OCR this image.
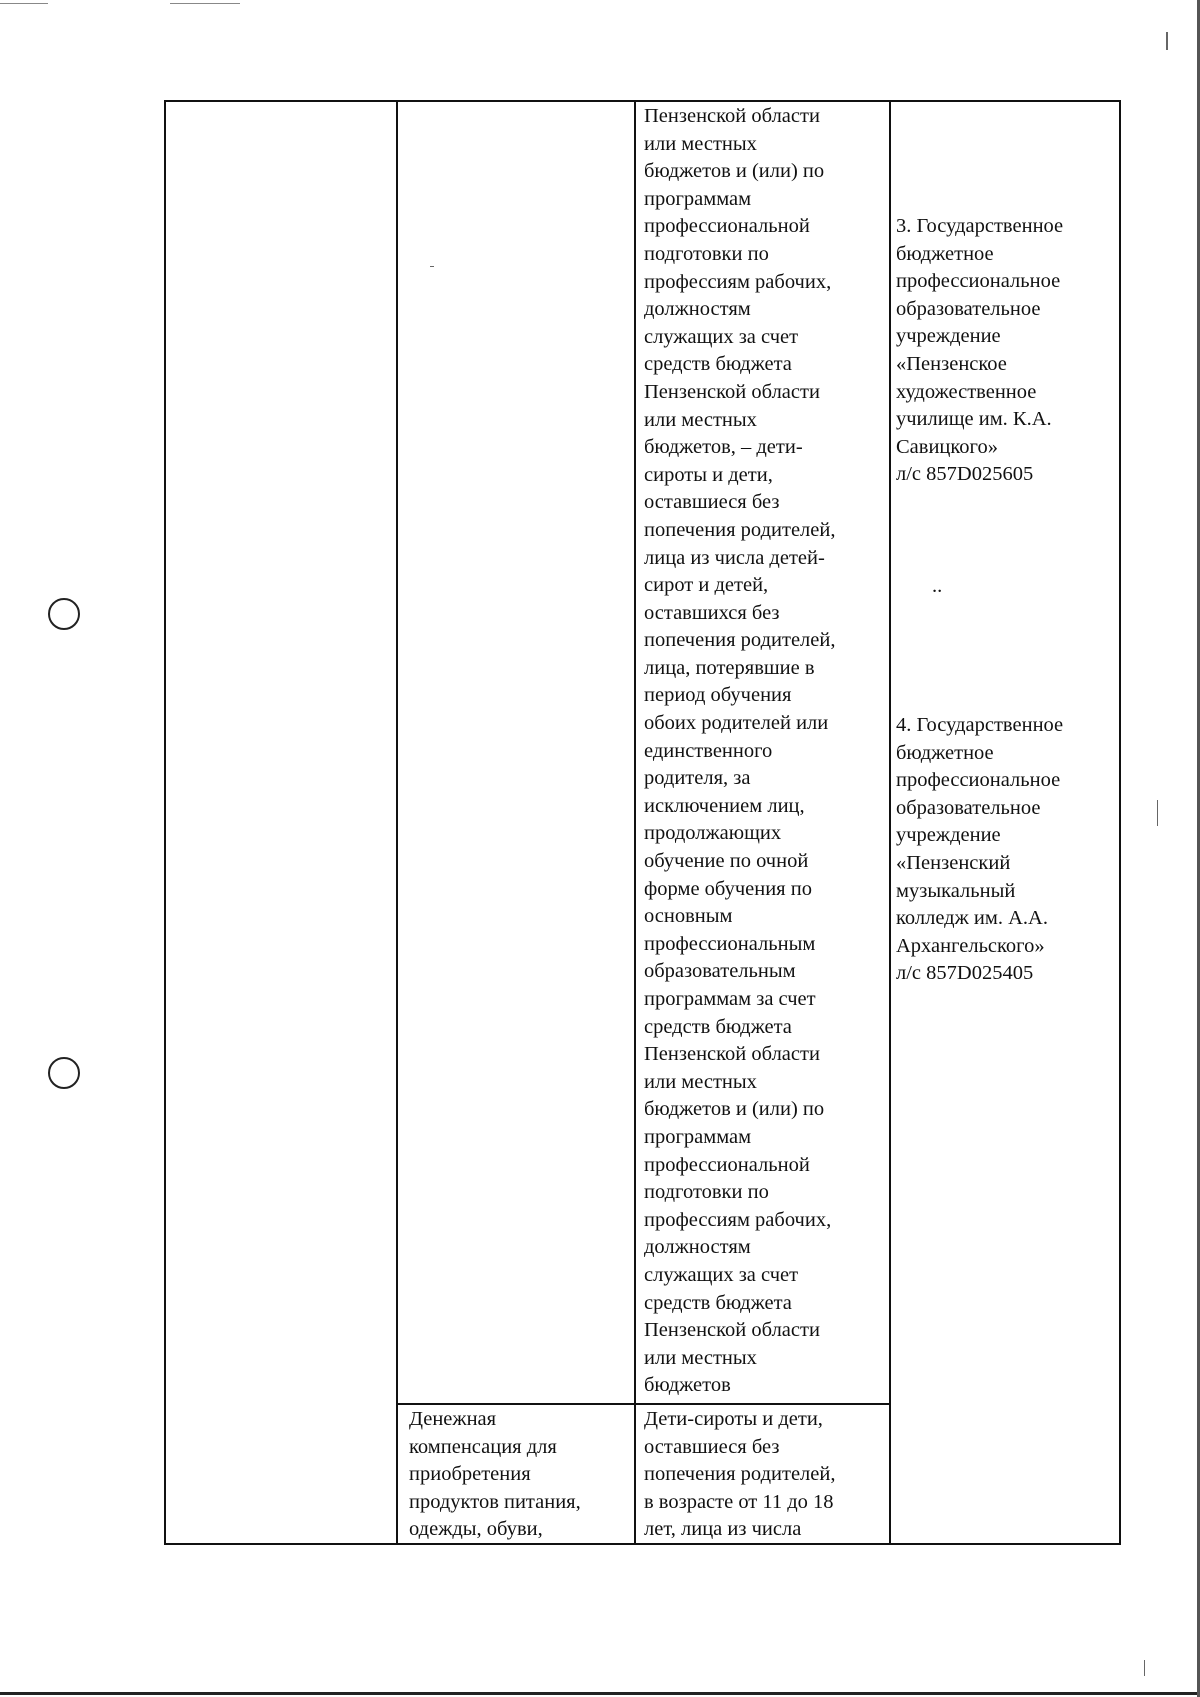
Пензенской области
или местных
бюджетов и (или) по
программам
профессиональной
подготовки по
профессиям рабочих,
должностям
служащих за счет
средств бюджета
Пензенской области
или местных
бюджетов, – дети-
сироты и дети,
оставшиеся без
попечения родителей,
лица из числа детей-
сирот и детей,
оставшихся без
попечения родителей,
лица, потерявшие в
период обучения
обоих родителей или
единственного
родителя, за
исключением лиц,
продолжающих
обучение по очной
форме обучения по
основным
профессиональным
образовательным
программам за счет
средств бюджета
Пензенской области
или местных
бюджетов и (или) по
программам
профессиональной
подготовки по
профессиям рабочих,
должностям
служащих за счет
средств бюджета
Пензенской области
или местных
бюджетов

3. Государственное
бюджетное
профессиональное
образовательное
учреждение
«Пензенское
художественное
училище им. К.А.
Савицкого»
л/с 857D025605

..

4. Государственное
бюджетное
профессиональное
образовательное
учреждение
«Пензенский
музыкальный
колледж им. А.А.
Архангельского»
л/с 857D025405

Денежная
компенсация для
приобретения
продуктов питания,
одежды, обуви,

Дети-сироты и дети,
оставшиеся без
попечения родителей,
в возрасте от 11 до 18
лет, лица из числа
